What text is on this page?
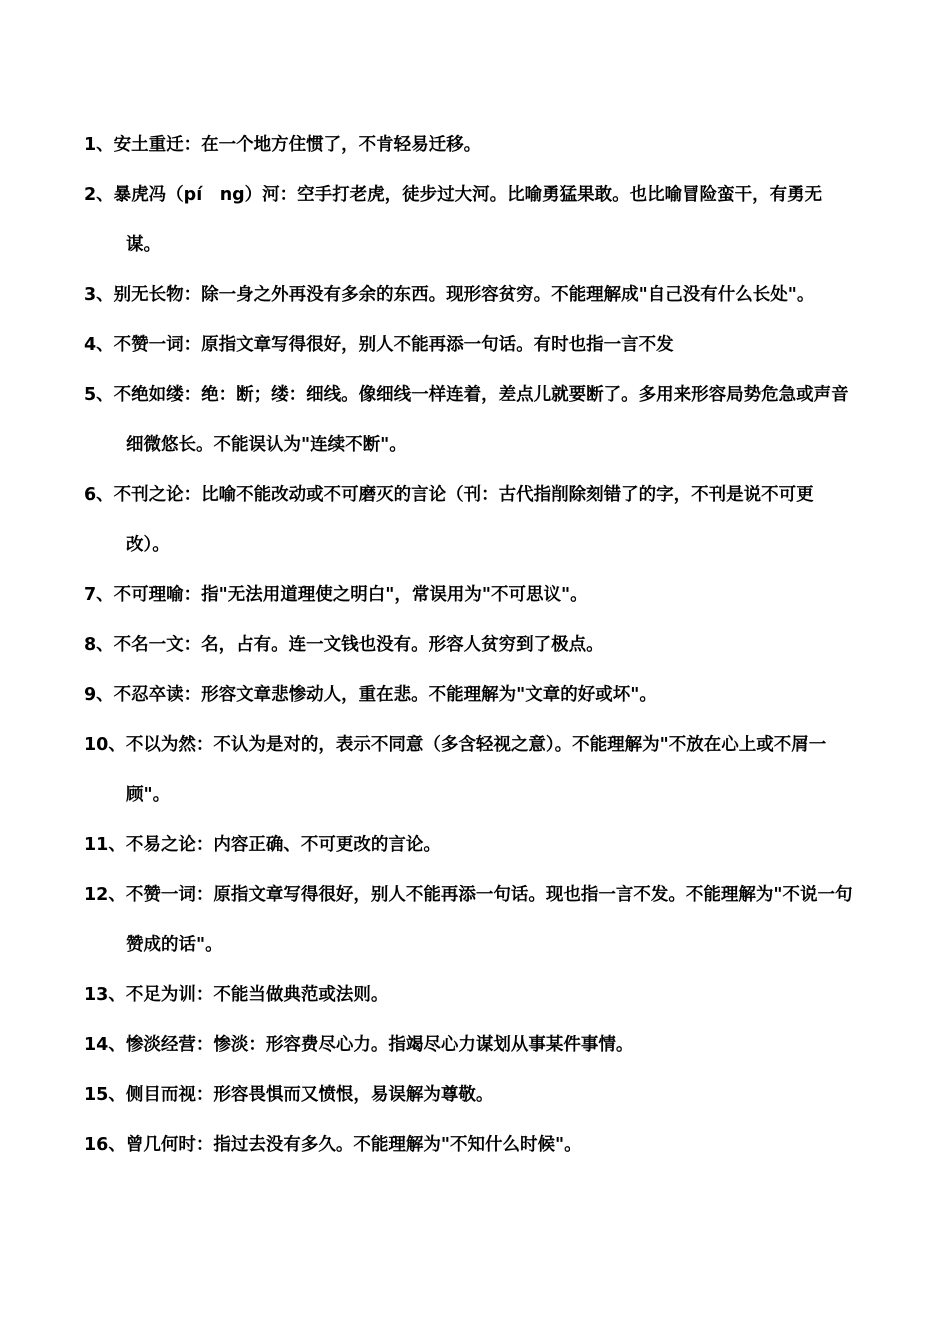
1、安土重迁：在一个地方住惯了，不肯轻易迁移。
2、暴虎冯（pí　ng）河：空手打老虎，徒步过大河。比喻勇猛果敢。也比喻冒险蛮干，有勇无谋。
3、别无长物：除一身之外再没有多余的东西。现形容贫穷。不能理解成"自己没有什么长处"。
4、不赞一词：原指文章写得很好，别人不能再添一句话。有时也指一言不发
5、不绝如缕：绝：断；缕：细线。像细线一样连着，差点儿就要断了。多用来形容局势危急或声音细微悠长。不能误认为"连续不断"。
6、不刊之论：比喻不能改动或不可磨灭的言论（刊：古代指削除刻错了的字，不刊是说不可更改）。
7、不可理喻：指"无法用道理使之明白"，常误用为"不可思议"。
8、不名一文：名，占有。连一文钱也没有。形容人贫穷到了极点。
9、不忍卒读：形容文章悲惨动人，重在悲。不能理解为"文章的好或坏"。
10、不以为然：不认为是对的，表示不同意（多含轻视之意）。不能理解为"不放在心上或不屑一顾"。
11、不易之论：内容正确、不可更改的言论。
12、不赞一词：原指文章写得很好，别人不能再添一句话。现也指一言不发。不能理解为"不说一句赞成的话"。
13、不足为训：不能当做典范或法则。
14、惨淡经营：惨淡：形容费尽心力。指竭尽心力谋划从事某件事情。
15、侧目而视：形容畏惧而又愤恨，易误解为尊敬。
16、曾几何时：指过去没有多久。不能理解为"不知什么时候"。
